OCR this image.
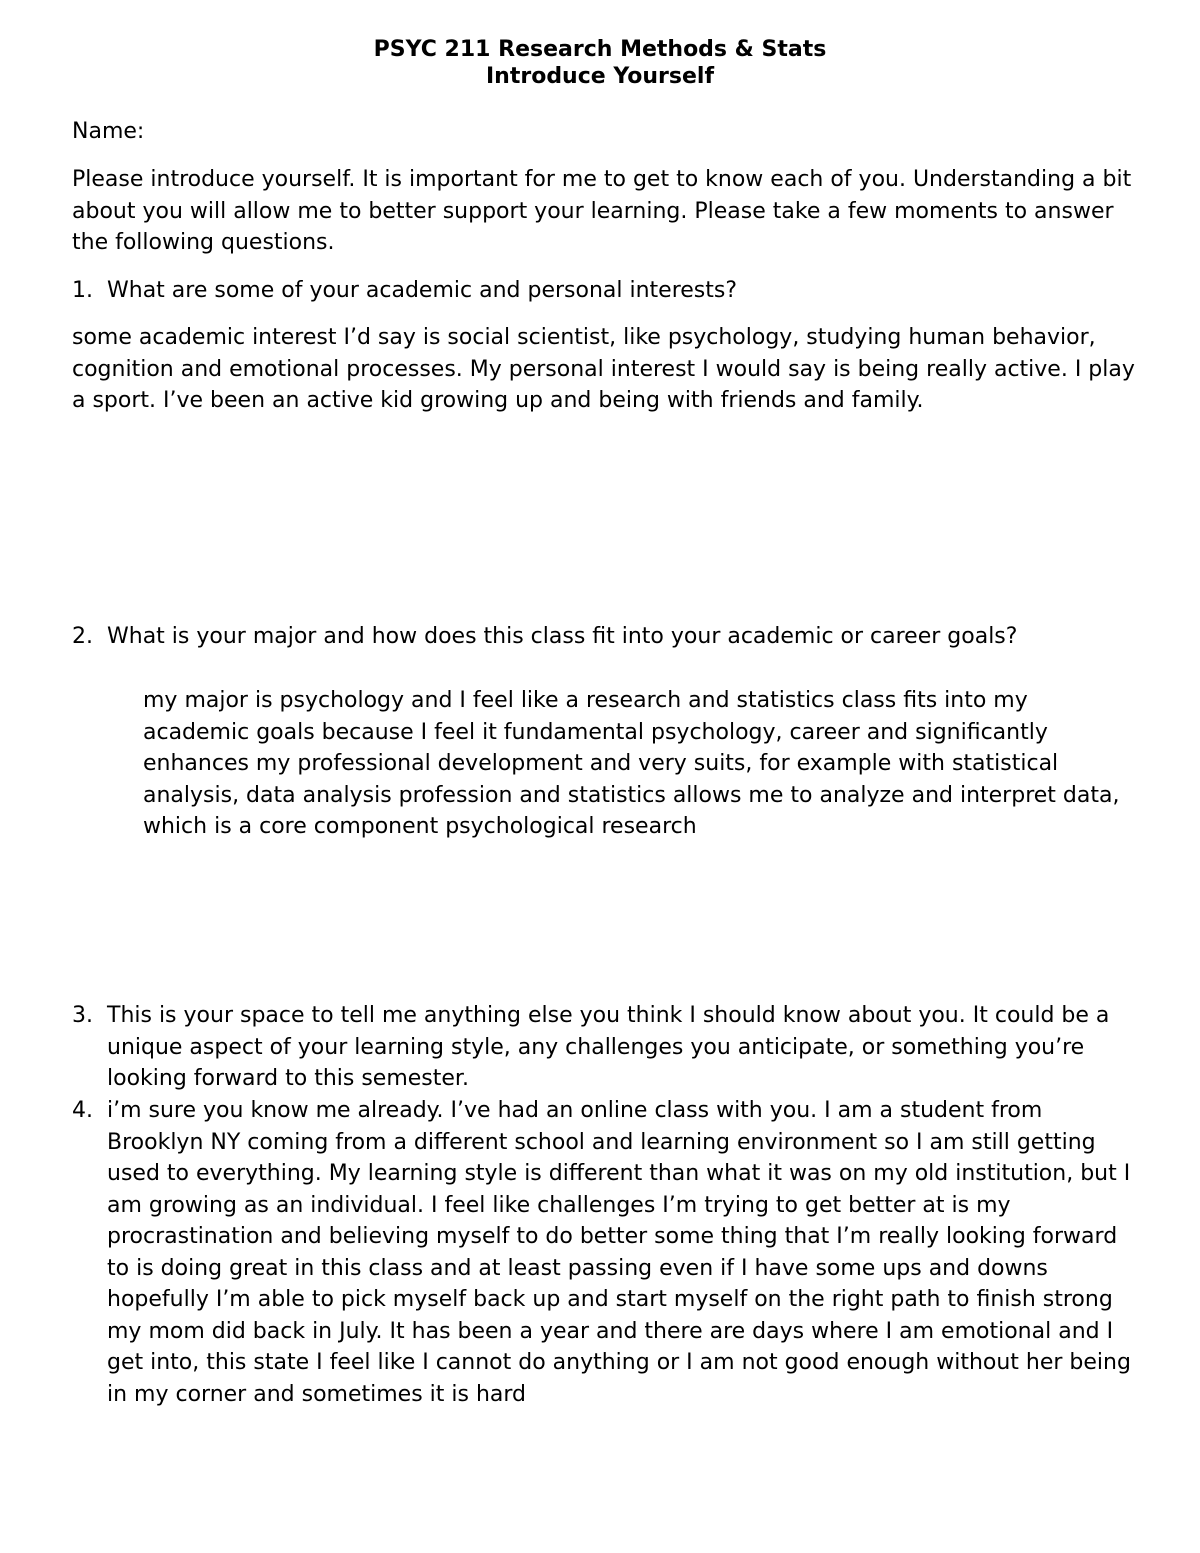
PSYC 211 Research Methods & Stats
Introduce Yourself
Name:
Please introduce yourself. It is important for me to get to know each of you. Understanding a bit about you will allow me to better support your learning. Please take a few moments to answer the following questions.
1. What are some of your academic and personal interests?
some academic interest I’d say is social scientist, like psychology, studying human behavior, cognition and emotional processes. My personal interest I would say is being really active. I play a sport. I’ve been an active kid growing up and being with friends and family.
2. What is your major and how does this class fit into your academic or career goals?
my major is psychology and I feel like a research and statistics class fits into my academic goals because I feel it fundamental psychology, career and significantly enhances my professional development and very suits, for example with statistical analysis, data analysis profession and statistics allows me to analyze and interpret data, which is a core component psychological research
3. This is your space to tell me anything else you think I should know about you. It could be a unique aspect of your learning style, any challenges you anticipate, or something you’re looking forward to this semester.
4. i’m sure you know me already. I’ve had an online class with you. I am a student from Brooklyn NY coming from a different school and learning environment so I am still getting used to everything. My learning style is different than what it was on my old institution, but I am growing as an individual. I feel like challenges I’m trying to get better at is my procrastination and believing myself to do better some thing that I’m really looking forward to is doing great in this class and at least passing even if I have some ups and downs hopefully I’m able to pick myself back up and start myself on the right path to finish strong my mom did back in July. It has been a year and there are days where I am emotional and I get into, this state I feel like I cannot do anything or I am not good enough without her being in my corner and sometimes it is hard
